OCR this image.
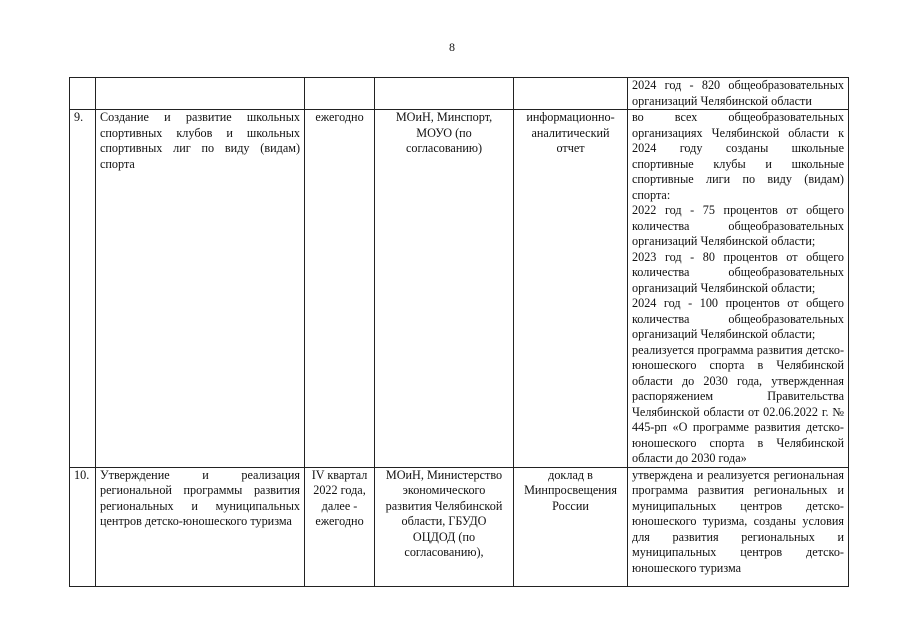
8

					2024 год - 820 общеобразовательных организаций Челябинской области

9.	Создание и развитие школьных спортивных клубов и школьных спортивных лиг по виду (видам) спорта	ежегодно	МОиН, Минспорт, МОУО (по согласованию)	информационно-аналитический отчет	во всех общеобразовательных организациях Челябинской области к 2024 году созданы школьные спортивные клубы и школьные спортивные лиги по виду (видам) спорта:
2022 год - 75 процентов от общего количества общеобразовательных организаций Челябинской области;
2023 год - 80 процентов от общего количества общеобразовательных организаций Челябинской области;
2024 год - 100 процентов от общего количества общеобразовательных организаций Челябинской области;
реализуется программа развития детско-юношеского спорта в Челябинской области до 2030 года, утвержденная распоряжением Правительства Челябинской области от 02.06.2022 г. № 445-рп «О программе развития детско-юношеского спорта в Челябинской области до 2030 года»

10.	Утверждение и реализация региональной программы развития региональных и муниципальных центров детско-юношеского туризма	IV квартал 2022 года, далее - ежегодно	МОиН, Министерство экономического развития Челябинской области, ГБУДО ОЦДОД (по согласованию),	доклад в Минпросвещения России	утверждена и реализуется региональная программа развития региональных и муниципальных центров детско-юношеского туризма, созданы условия для развития региональных и муниципальных центров детско-юношеского туризма
